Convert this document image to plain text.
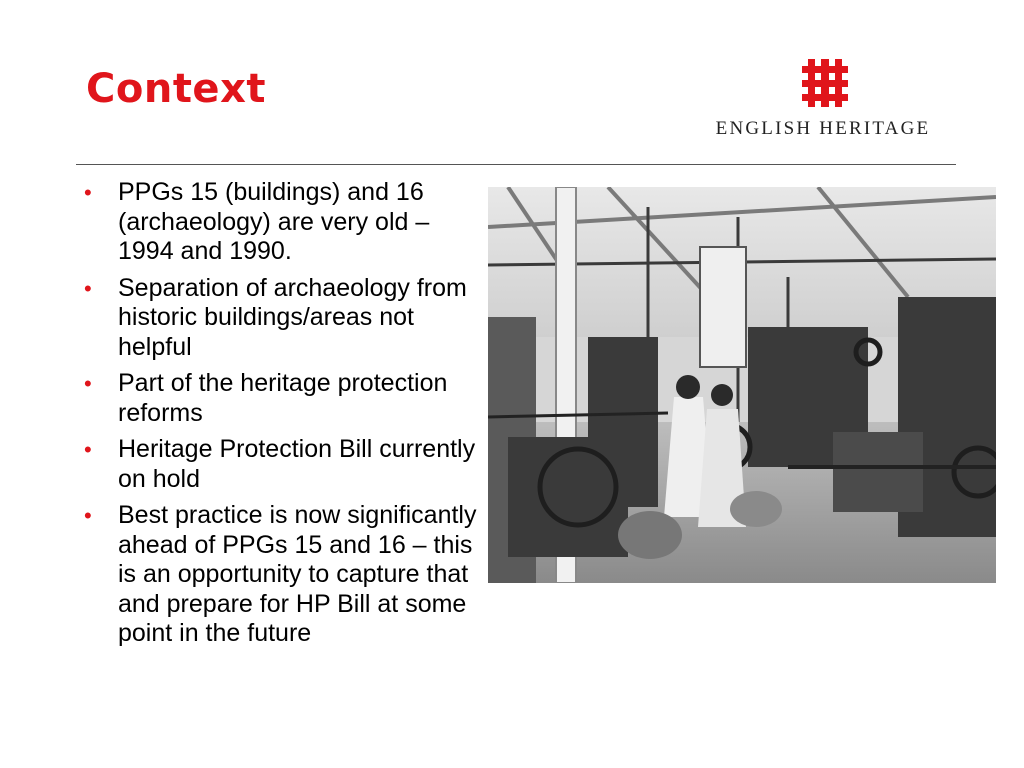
Context
ENGLISH HERITAGE
• PPGs 15 (buildings) and 16 (archaeology) are very old – 1994 and 1990.
• Separation of archaeology from historic buildings/areas not helpful
• Part of the heritage protection reforms
• Heritage Protection Bill currently on hold
• Best practice is now significantly ahead of PPGs 15 and 16 – this is an opportunity to capture that and prepare for HP Bill at some point in the future
